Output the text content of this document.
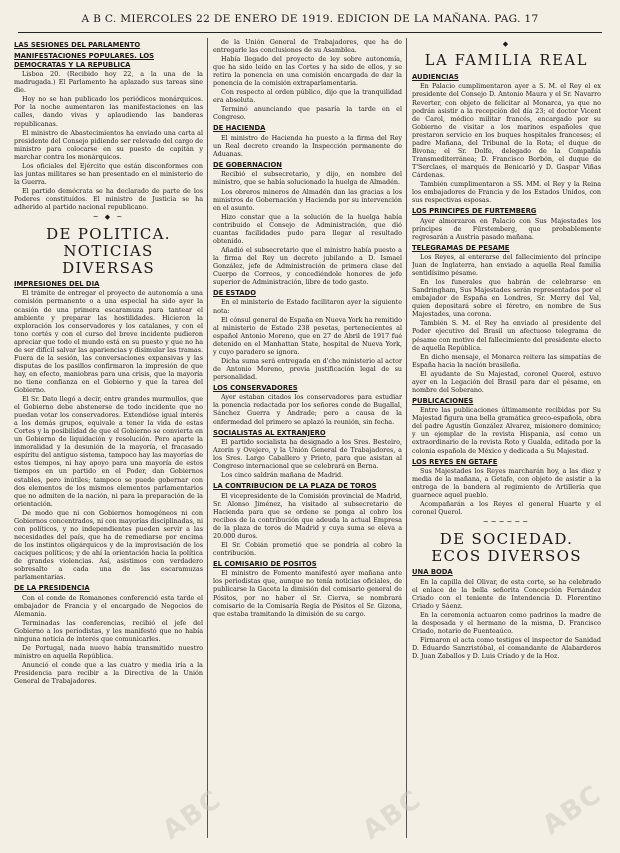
A B C. MIERCOLES 22 DE ENERO DE 1919. EDICION DE LA MAÑANA. PAG. 17
LAS SESIONES DEL PARLAMENTO
MANIFESTACIONES POPULARES. LOS DEMOCRATAS Y LA REPUBLICA

Lisboa 20. (Recibido hoy 22, a la una de la madrugada.) El Parlamento ha aplazado sus tareas sine die.

Hoy no se han publicado los periódicos monárquicos. Por la noche aumentaron las manifestaciones en las calles, dando vivas y aplaudiendo las banderas republicanas.

El ministro de Abastecimientos ha enviado una carta al presidente del Consejo pidiendo ser relevado del cargo de ministro para colocarse en su puesto de capitán y marchar contra los monárquicos.

Los oficiales del Ejército que están disconformes con las juntas militares se han presentado en el ministerio de la Guerra.

El partido demócrata se ha declarado de parte de los Poderes constituídos. El ministro de Justicia se ha adherido al partido nacional republicano.

~ ◆ ~
DE POLITICA. NOTICIAS DIVERSAS
IMPRESIONES DEL DIA

El trámite de entregar el proyecto de autonomía a una comisión permanente o a una especial ha sido ayer la ocasión de una primera escaramuza para tantear el ambiente y preparar las hostilidades. Hicieron la exploración los conservadores y los catalanes, y con el tono cortés y con el curso del breve incidente pudieron apreciar que todo el mundo está en su puesto y que no ha de ser difícil salvar las apariencias y disimular las tramas. Fuera de la sesión, las conversaciones expansivas y las disputas de los pasillos confirmaron la impresión de que hay, en efecto, maniobras para una crisis, que la mayoría no tiene confianza en el Gobierno y que la tarea del Gobierno.

El Sr. Dato llegó a decir, entre grandes murmullos, que el Gobierno debe abstenerse de todo incidente que no puedan votar los conservadores. Extendióse igual interés a los demás grupos, equivale a tener la vida de estas Cortes y la posibilidad de que el Gobierno se convierta en un Gobierno de liquidación y resolución. Pero aparte la inmoralidad y la desunión de la mayoría, el fracasado espíritu del antiguo sistema, tampoco hay las mayorías de estos tiempos, ni hay apoyo para una mayoría de estos tiempos en un partido en el Poder, dan Gobiernos estables, pero inútiles; tampoco se puede gobernar con dos elementos de los mismos elementos parlamentarios que no admiten de la nación, ni para la preparación de la orientación.

De modo que ni con Gobiernos homogéneos ni con Gobiernos concentrados, ni con mayorías disciplinadas, ni con políticos, y no independientes pueden servir a las necesidades del país, que ha de remediarse por encima de los instintos oligárquicos y de la improvisación de los caciques políticos; y de ahí la orientación hacia la política de grandes violencias. Así, asistimos con verdadero sobresalto a cada una de las escaramuzas parlamentarias.

DE LA PRESIDENCIA

Con el conde de Romanones conferenció esta tarde el embajador de Francia y el encargado de Negocios de Alemania.

Terminadas las conferencias, recibió el jefe del Gobierno a los periodistas, y les manifestó que no había ninguna noticia de interés que comunicarles.

De Portugal, nada nuevo había transmitido nuestro ministro en aquella República.

Anunció el conde que a las cuatro y media iría a la Presidencia para recibir a la Directiva de la Unión General de Trabajadores.

de la Unión General de Trabajadores, que ha de entregarle las conclusiones de su Asamblea.

Había llegado del proyecto de ley sobre autonomía, que ha sido leído en las Cortes y ha sido de ellos, y se retira la ponencia en una comisión encargada de dar la ponencia de la comisión extraparlamentaria.

Con respecto al orden público, dijo que la tranquilidad era absoluta.

Terminó anunciando que pasaría la tarde en el Congreso.

DE HACIENDA

El ministro de Hacienda ha puesto a la firma del Rey un Real decreto creando la Inspección permanente de Aduanas.

DE GOBERNACION

Recibió el subsecretario, y dijo, en nombre del ministro, que se había solucionado la huelga de Almadén.

Los obreros mineros de Almadén dan las gracias a los ministros de Gobernación y Hacienda por su intervención en el asunto.

Hizo constar que a la solución de la huelga había contribuido el Consejo de Administración, que dió cuantas facilidades pudo para llegar al resultado obtenido.

Añadió el subsecretario que el ministro había puesto a la firma del Rey un decreto jubilando a D. Ismael González, jefe de Administración de primera clase del Cuerpo de Correos, y concediéndole honores de jefe superior de Administración, libre de todo gasto.

DE ESTADO

En el ministerio de Estado facilitaron ayer la siguiente nota:

El cónsul general de España en Nueva York ha remitido al ministerio de Estado 238 pesetas, pertenecientes al español Antonio Moreno, que en 27 de Abril de 1917 fué detenido en el Manhattan State, hospital de Nueva York, y cuyo paradero se ignora.

Dicha suma será entregada en d'cho ministerio al actor de Antonio Moreno, previa justificación legal de su personalidad.

LOS CONSERVADORES

Ayer estaban citados los conservadores para estudiar la ponencia redactada por los señores conde de Bugallal, Sánchez Guerra y Andrade; pero a causa de la enfermedad del primero se aplazó la reunión, sin fecha.

SOCIALISTAS AL EXTRANJERO

El partido socialista ha designado a los Sres. Besteiro, Azorín y Ovejero, y la Unión General de Trabajadores, a los Sres. Largo Caballero y Prieto, para que asistan al Congreso internacional que se celebrará en Berna.

Los cinco saldrán mañana de Madrid.

LA CONTRIBUCION DE LA PLAZA DE TOROS

El vicepresidente de la Comisión provincial de Madrid, Sr. Alonso Jiménez, ha visitado al subsecretario de Hacienda para que se ordene se ponga al cobro los recibos de la contribución que adeuda la actual Empresa de la plaza de toros de Madrid y cuya suma se eleva a 20.000 duros.

El Sr. Cobián prometió que se pondría al cobro la contribución.

EL COMISARIO DE POSITOS

El ministro de Fomento manifestó ayer mañana ante los periodistas que, aunque no tenía noticias oficiales, de publicarse la Gaceta la dimisión del comisario general de Pósitos, por no haber el Sr. Cierva, se nombrará comisario de la Comisaría Regia de Pósitos el Sr. Gizona, que estaba tramitando la dimisión de su cargo.

◆
LA FAMILIA REAL
AUDIENCIAS

En Palacio cumplimentaron ayer a S. M. el Rey el ex presidente del Consejo D. Antonio Maura y el Sr. Navarro Reverter, con objeto de felicitar al Monarca, ya que no podrán asistir a la recepción del día 23; el doctor Vicent de Carol, médico militar francés, encargado por su Gobierno de visitar a los marinos españoles que prestaron servicio en los buques hospitales franceses; el padre Mañana, del Tribunal de la Rota; el duque de Bivona; el Sr. Dolfe, delegado de la Compañía Transmediterránea; D. Francisco Borbón, el duque de T'Serclaes, el marqués de Benicarló y D. Gaspar Viñas Cárdenas.

También cumplimentaron a SS. MM. el Rey y la Reina los embajadores de Francia y de los Estados Unidos, con sus respectivas esposas.

LOS PRINCIPES DE FURTEMBERG

Ayer almorzaron en Palacio con Sus Majestades los príncipes de Fürstemberg, que probablemente regresarán a Austria pasado mañana.

TELEGRAMAS DE PESAME

Los Reyes, al enterarse del fallecimiento del príncipe Juan de Inglaterra, han enviado a aquella Real familia sentidísimo pésame.

En los funerales que habrán de celebrarse en Sandringham, Sus Majestades serán representados por el embajador de España en Londres, Sr. Merry del Val, quien depositará sobre el féretro, en nombre de Sus Majestades, una corona.

También S. M. el Rey ha enviado al presidente del Poder ejecutivo del Brasil un afectuoso telegrama de pésame con motivo del fallecimiento del presidente electo de aquella República.

En dicho mensaje, el Monarca reitera las simpatías de España hacia la nación brasileña.

El ayudante de Su Majestad, coronel Querol, estuvo ayer en la Legación del Brasil para dar el pésame, en nombre del Soberano.

PUBLICACIONES

Entre las publicaciones últimamente recibidas por Su Majestad figura una bella gramática greco-española, obra del padre Agustín González Alvarez, misionero dominico; y un ejemplar de la revista Hispania, así como un extraordinario de la revista Roto y Gualda, editada por la colonia española de México y dedicada a Su Majestad.

LOS REYES EN GETAFE

Sus Majestades los Reyes marcharán hoy, a las diez y media de la mañana, a Getafe, con objeto de asistir a la entrega de la bandera al regimiento de Artillería que guarnece aquel pueblo.

Acompañarán a los Reyes el general Huarte y el coronel Querol.

~~~~~~
DE SOCIEDAD. ECOS DIVERSOS
UNA BODA

En la capilla del Olivar, de esta corte, se ha celebrado el enlace de la bella señorita Concepción Fernández Criado con el teniente de Intendencia D. Florentino Criado y Sáenz.

En la ceremonia actuaron como padrinos la madre de la desposada y el hermano de la misma, D. Francisco Criado, notario de Fuenteaúco.

Firmaron el acta como testigos el inspector de Sanidad D. Eduardo Sanzristóbal, el comandante de Alabarderos D. Juan Zaballos y D. Luis Criado y de la Hoz.

ABC	ABC	ABC
